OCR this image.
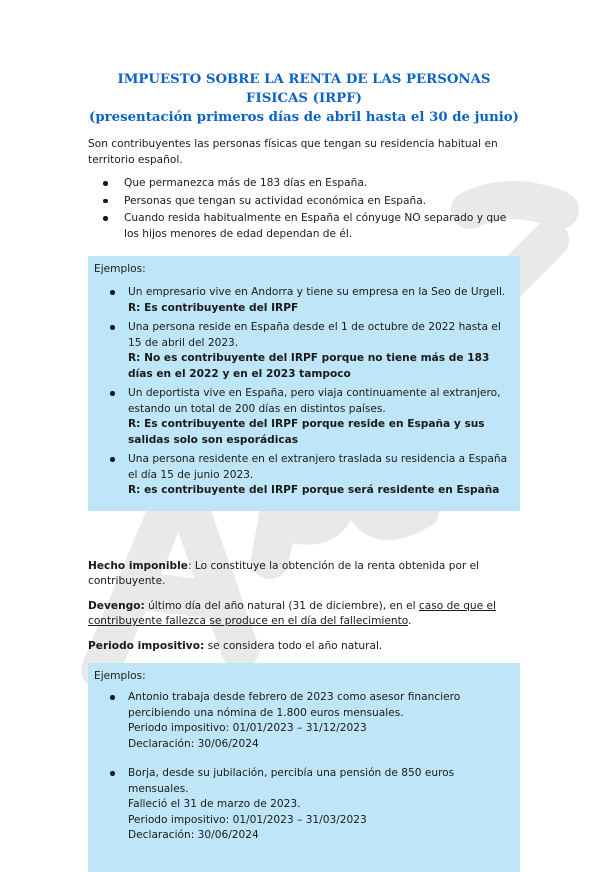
IMPUESTO SOBRE LA RENTA DE LAS PERSONAS FISICAS (IRPF)
(presentación primeros días de abril hasta el 30 de junio)

Son contribuyentes las personas físicas que tengan su residencia habitual en territorio español.

Que permanezca más de 183 días en España.
Personas que tengan su actividad económica en España.
Cuando resida habitualmente en España el cónyuge NO separado y que los hijos menores de edad dependan de él.
Ejemplos:
Un empresario vive en Andorra y tiene su empresa en la Seo de Urgell.
R: Es contribuyente del IRPF
Una persona reside en España desde el 1 de octubre de 2022 hasta el 15 de abril del 2023.
R: No es contribuyente del IRPF porque no tiene más de 183 días en el 2022 y en el 2023 tampoco
Un deportista vive en España, pero viaja continuamente al extranjero, estando un total de 200 días en distintos países.
R: Es contribuyente del IRPF porque reside en España y sus salidas solo son esporádicas
Una persona residente en el extranjero traslada su residencia a España el día 15 de junio 2023.
R: es contribuyente del IRPF porque será residente en España

Hecho imponible: Lo constituye la obtención de la renta obtenida por el contribuyente.

Devengo: último día del año natural (31 de diciembre), en el caso de que el contribuyente fallezca se produce en el día del fallecimiento.

Periodo impositivo: se considera todo el año natural.

Ejemplos:
Antonio trabaja desde febrero de 2023 como asesor financiero percibiendo una nómina de 1.800 euros mensuales.
Periodo impositivo: 01/01/2023 – 31/12/2023
Declaración: 30/06/2024
Borja, desde su jubilación, percibía una pensión de 850 euros mensuales.
Falleció el 31 de marzo de 2023.
Periodo impositivo: 01/01/2023 – 31/03/2023
Declaración: 30/06/2024
